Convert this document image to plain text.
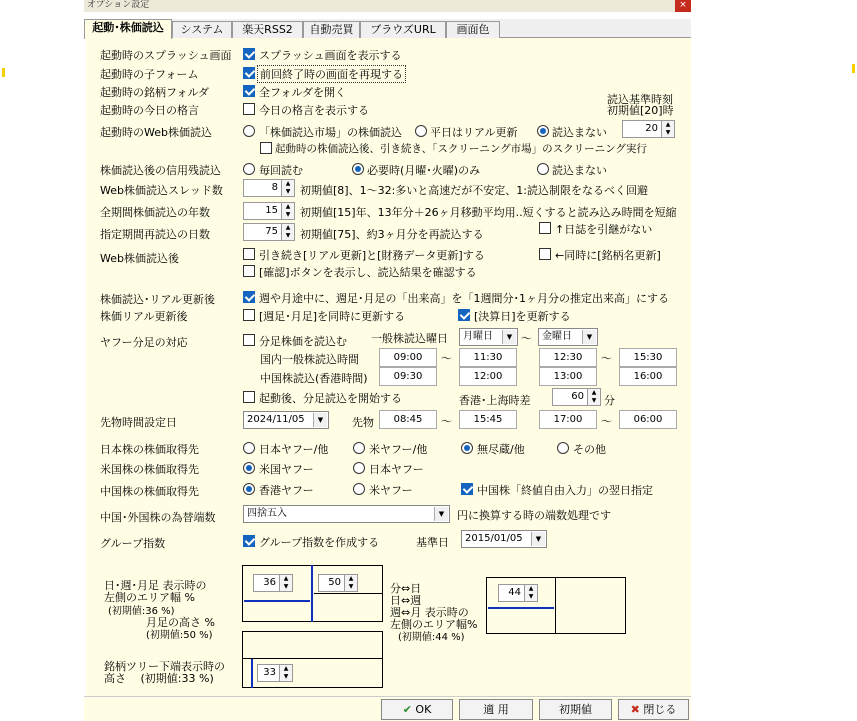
オプション設定	×
起動･株価読込	システム	楽天RSS2	自動売買	ブラウズURL	画面色
起動時のスプラッシュ画面 スプラッシュ画面を表示する
起動時の子フォーム	前回終了時の画面を再現する
起動時の銘柄フォルダ	全フォルダを開く
起動時の今日の格言	今日の格言を表示する
読込基準時刻
初期値[20]時
起動時のWeb株価読込	「株価読込市場」の株価読込	平日はリアル更新	読込まない	20	▲
▼
起動時の株価読込後、引き続き、「スクリーニング市場」のスクリーニング実行
株価読込後の信用残読込	毎回読む	必要時(月曜･火曜)のみ	読込まない
Web株価読込スレッド数	8	▲
▼ 初期値[8]、1～32:多いと高速だが不安定、1:読込制限をなるべく回避
全期間株価読込の年数	15	▲
▼ 初期値[15]年、13年分＋26ヶ月移動平均用..短くすると読み込み時間を短縮
指定期間再読込の日数	75	▲
▼ 初期値[75]、約3ヶ月分を再読込する	↑日誌を引継がない
Web株価読込後	引き続き[リアル更新]と[財務データ更新]する	←同時に[銘柄名更新]
[確認]ボタンを表示し、読込結果を確認する
株価読込･リアル更新後	週や月途中に、週足･月足の「出来高」を「1週間分･1ヶ月分の推定出来高」にする
株価リアル更新後	[週足･月足]を同時に更新する	[決算日]を更新する
ヤフー分足の対応	分足株価を読込む 一般株読込曜日	月曜日	▼ ～	金曜日	▼
国内一般株読込時間	09:00	～	11:30	12:30	～	15:30
中国株読込(香港時間)	09:30	12:00	13:00	16:00
起動後、分足読込を開始する	香港･上海時差	60	▲
▼ 分
先物時間設定日	2024/11/05	▼	先物	08:45	～	15:45	17:00	～	06:00
日本株の株価取得先	日本ヤフー/他	米ヤフー/他	無尽蔵/他	その他
米国株の株価取得先	米国ヤフー	日本ヤフー
中国株の株価取得先	香港ヤフー	米ヤフー	中国株「終値自由入力」の翌日指定
中国･外国株の為替端数	四捨五入	▼	円に換算する時の端数処理です
グループ指数	グループ指数を作成する	基準日	2015/01/05	▼
日･週･月足 表示時の
左側のエリア幅 %
(初期値:36 %)
月足の高さ %
(初期値:50 %)
36	▲
▼	50	▲
▼
銘柄ツリー下端表示時の
高さ　 (初期値:33 %)	33	▲
▼
分⇔日
日⇔週
週⇔月 表示時の
左側のエリア幅%
(初期値:44 %)
44	▲
▼
✔ OK	適 用	初期値	✖ 閉じる
